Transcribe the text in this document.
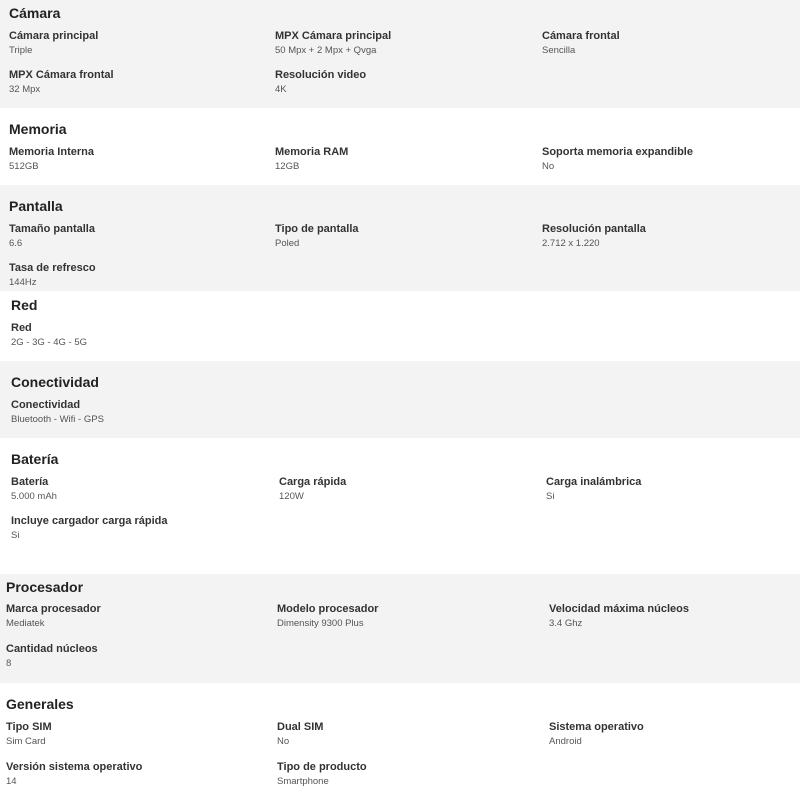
Cámara
Cámara principal
Triple
MPX Cámara principal
50 Mpx + 2 Mpx + Qvga
Cámara frontal
Sencilla
MPX Cámara frontal
32 Mpx
Resolución video
4K
Memoria
Memoria Interna
512GB
Memoria RAM
12GB
Soporta memoria expandible
No
Pantalla
Tamaño pantalla
6.6
Tipo de pantalla
Poled
Resolución pantalla
2.712 x 1.220
Tasa de refresco
144Hz
Red
Red
2G - 3G - 4G - 5G
Conectividad
Conectividad
Bluetooth - Wifi - GPS
Batería
Batería
5.000 mAh
Carga rápida
120W
Carga inalámbrica
Si
Incluye cargador carga rápida
Si
Procesador
Marca procesador
Mediatek
Modelo procesador
Dimensity 9300 Plus
Velocidad máxima núcleos
3.4 Ghz
Cantidad núcleos
8
Generales
Tipo SIM
Sim Card
Dual SIM
No
Sistema operativo
Android
Versión sistema operativo
14
Tipo de producto
Smartphone
